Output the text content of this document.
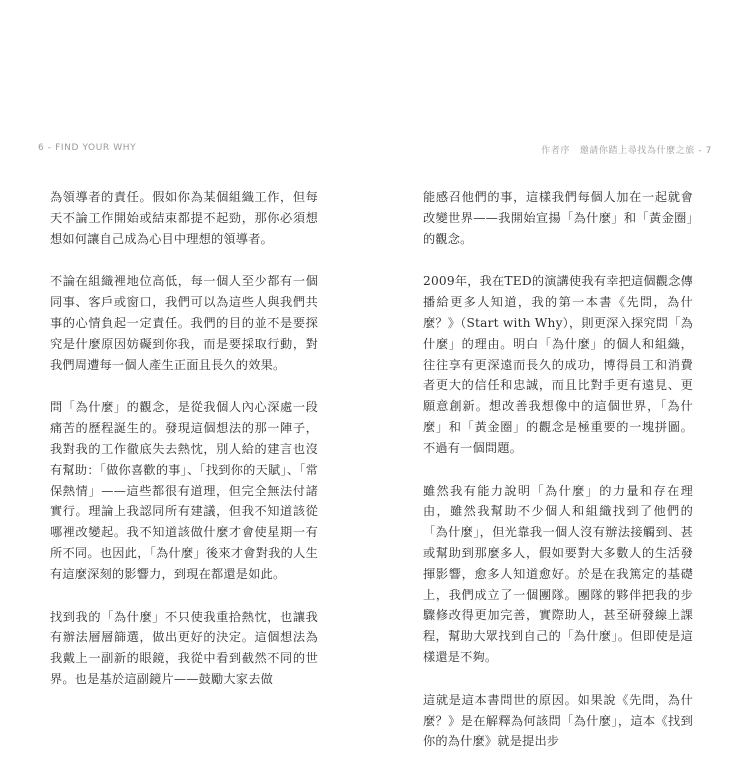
6 - FIND YOUR WHY

為領導者的責任。假如你為某個組織工作，但每天不論工作開始或結束都提不起勁，那你必須想想如何讓自己成為心目中理想的領導者。

不論在組織裡地位高低，每一個人至少都有一個同事、客戶或窗口，我們可以為這些人與我們共事的心情負起一定責任。我們的目的並不是要探究是什麼原因妨礙到你我，而是要採取行動，對我們周遭每一個人產生正面且長久的效果。

問「為什麼」的觀念，是從我個人內心深處一段痛苦的歷程誕生的。發現這個想法的那一陣子，我對我的工作徹底失去熱忱，別人給的建言也沒有幫助：「做你喜歡的事」、「找到你的天賦」、「常保熱情」——這些都很有道理，但完全無法付諸實行。理論上我認同所有建議，但我不知道該從哪裡改變起。我不知道該做什麼才會使星期一有所不同。也因此，「為什麼」後來才會對我的人生有這麼深刻的影響力，到現在都還是如此。

找到我的「為什麼」不只使我重拾熱忱，也讓我有辦法層層篩選，做出更好的決定。這個想法為我戴上一副新的眼鏡，我從中看到截然不同的世界。也是基於這副鏡片——鼓勵大家去做

作者序　邀請你踏上尋找為什麼之旅 - 7

能感召他們的事，這樣我們每個人加在一起就會改變世界——我開始宣揚「為什麼」和「黃金圈」的觀念。

2009年，我在TED的演講使我有幸把這個觀念傳播給更多人知道，我的第一本書《先問，為什麼？》（Start with Why），則更深入探究問「為什麼」的理由。明白「為什麼」的個人和組織，往往享有更深遠而長久的成功，博得員工和消費者更大的信任和忠誠，而且比對手更有遠見、更願意創新。想改善我想像中的這個世界，「為什麼」和「黃金圈」的觀念是極重要的一塊拼圖。不過有一個問題。

雖然我有能力說明「為什麼」的力量和存在理由，雖然我幫助不少個人和組織找到了他們的「為什麼」，但光靠我一個人沒有辦法接觸到、甚或幫助到那麼多人，假如要對大多數人的生活發揮影響，愈多人知道愈好。於是在我篤定的基礎上，我們成立了一個團隊。團隊的夥伴把我的步驟修改得更加完善，實際助人，甚至研發線上課程，幫助大眾找到自己的「為什麼」。但即使是這樣還是不夠。

這就是這本書問世的原因。如果說《先問，為什麼？》是在解釋為何該問「為什麼」，這本《找到你的為什麼》就是提出步
